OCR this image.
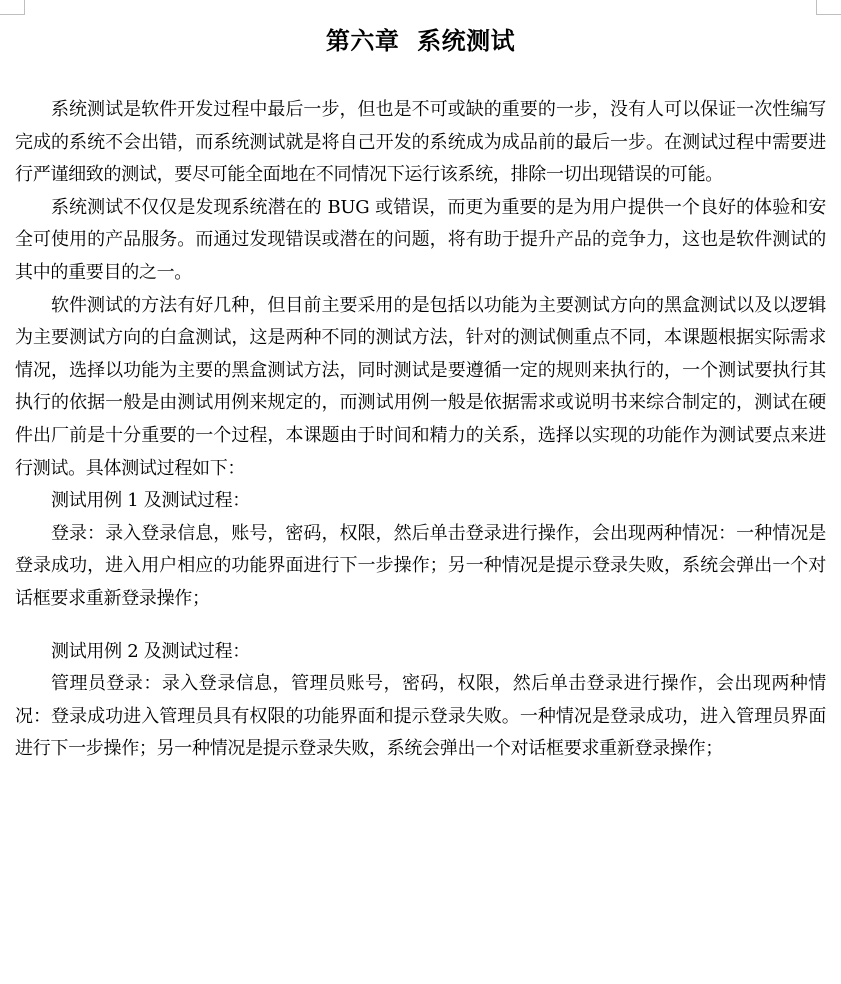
第六章  系统测试

系统测试是软件开发过程中最后一步，但也是不可或缺的重要的一步，没有人可以保证一次性编写完成的系统不会出错，而系统测试就是将自己开发的系统成为成品前的最后一步。在测试过程中需要进行严谨细致的测试，要尽可能全面地在不同情况下运行该系统，排除一切出现错误的可能。

系统测试不仅仅是发现系统潜在的 BUG 或错误，而更为重要的是为用户提供一个良好的体验和安全可使用的产品服务。而通过发现错误或潜在的问题，将有助于提升产品的竞争力，这也是软件测试的其中的重要目的之一。

软件测试的方法有好几种，但目前主要采用的是包括以功能为主要测试方向的黑盒测试以及以逻辑为主要测试方向的白盒测试，这是两种不同的测试方法，针对的测试侧重点不同，本课题根据实际需求情况，选择以功能为主要的黑盒测试方法，同时测试是要遵循一定的规则来执行的，一个测试要执行其执行的依据一般是由测试用例来规定的，而测试用例一般是依据需求或说明书来综合制定的，测试在硬件出厂前是十分重要的一个过程，本课题由于时间和精力的关系，选择以实现的功能作为测试要点来进行测试。具体测试过程如下：

测试用例 1 及测试过程：

登录：录入登录信息，账号，密码，权限，然后单击登录进行操作，会出现两种情况：一种情况是登录成功，进入用户相应的功能界面进行下一步操作；另一种情况是提示登录失败，系统会弹出一个对话框要求重新登录操作；

测试用例 2 及测试过程：

管理员登录：录入登录信息，管理员账号，密码，权限，然后单击登录进行操作，会出现两种情况：登录成功进入管理员具有权限的功能界面和提示登录失败。一种情况是登录成功，进入管理员界面进行下一步操作；另一种情况是提示登录失败，系统会弹出一个对话框要求重新登录操作；
